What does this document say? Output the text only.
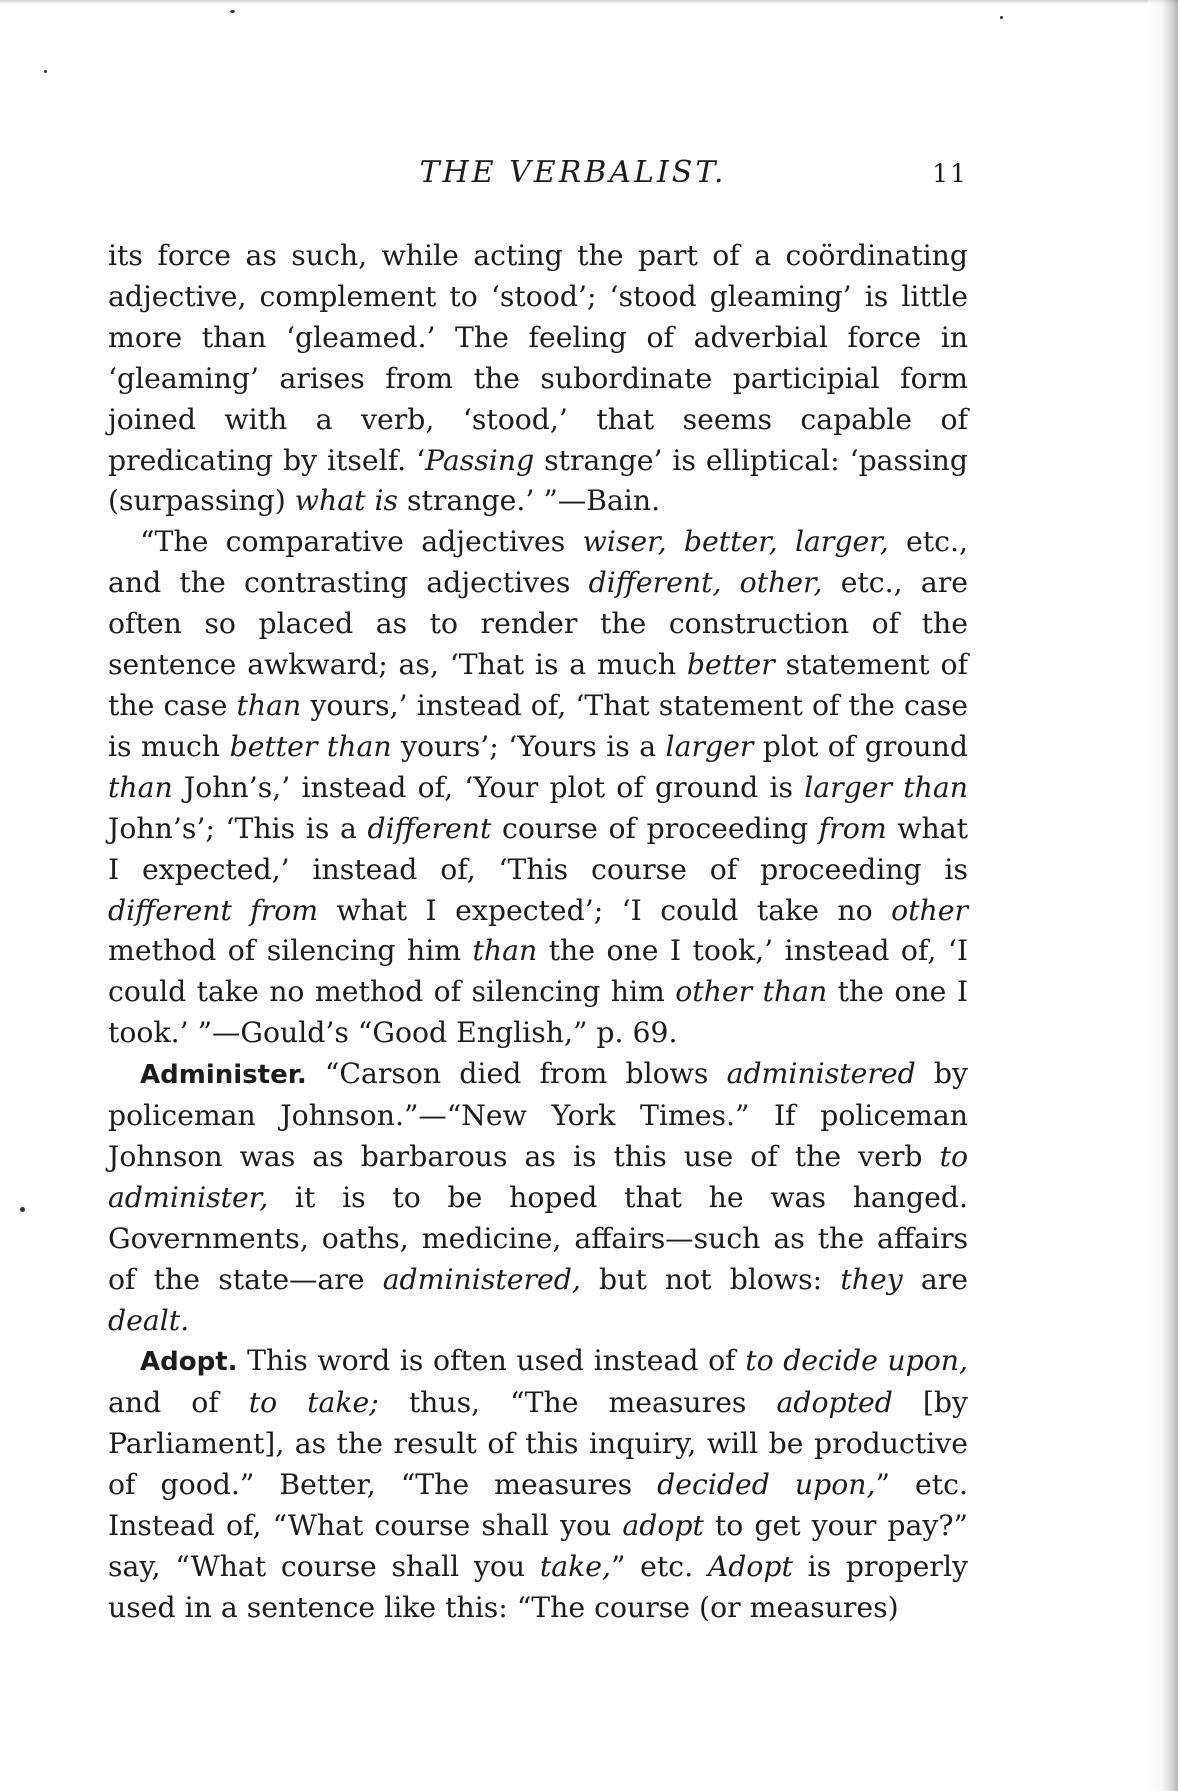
THE VERBALIST.	11

its force as such, while acting the part of a coördinating adjective, complement to ‘stood’; ‘stood gleaming’ is little more than ‘gleamed.’ The feeling of adverbial force in ‘gleaming’ arises from the subordinate participial form joined with a verb, ‘stood,’ that seems capable of predicating by itself. ‘Passing strange’ is elliptical: ‘passing (surpassing) what is strange.’ ”—Bain.

“The comparative adjectives wiser, better, larger, etc., and the contrasting adjectives different, other, etc., are often so placed as to render the construction of the sentence awkward; as, ‘That is a much better statement of the case than yours,’ instead of, ‘That statement of the case is much better than yours’; ‘Yours is a larger plot of ground than John’s,’ instead of, ‘Your plot of ground is larger than John’s’; ‘This is a different course of proceeding from what I expected,’ instead of, ‘This course of proceeding is different from what I expected’; ‘I could take no other method of silencing him than the one I took,’ instead of, ‘I could take no method of silencing him other than the one I took.’ ”—Gould’s “Good English,” p. 69.

Administer. “Carson died from blows administered by policeman Johnson.”—“New York Times.” If policeman Johnson was as barbarous as is this use of the verb to administer, it is to be hoped that he was hanged. Governments, oaths, medicine, affairs—such as the affairs of the state—are administered, but not blows: they are dealt.

Adopt. This word is often used instead of to decide upon, and of to take; thus, “The measures adopted [by Parliament], as the result of this inquiry, will be productive of good.” Better, “The measures decided upon,” etc. Instead of, “What course shall you adopt to get your pay?” say, “What course shall you take,” etc. Adopt is properly used in a sentence like this: “The course (or measures)
